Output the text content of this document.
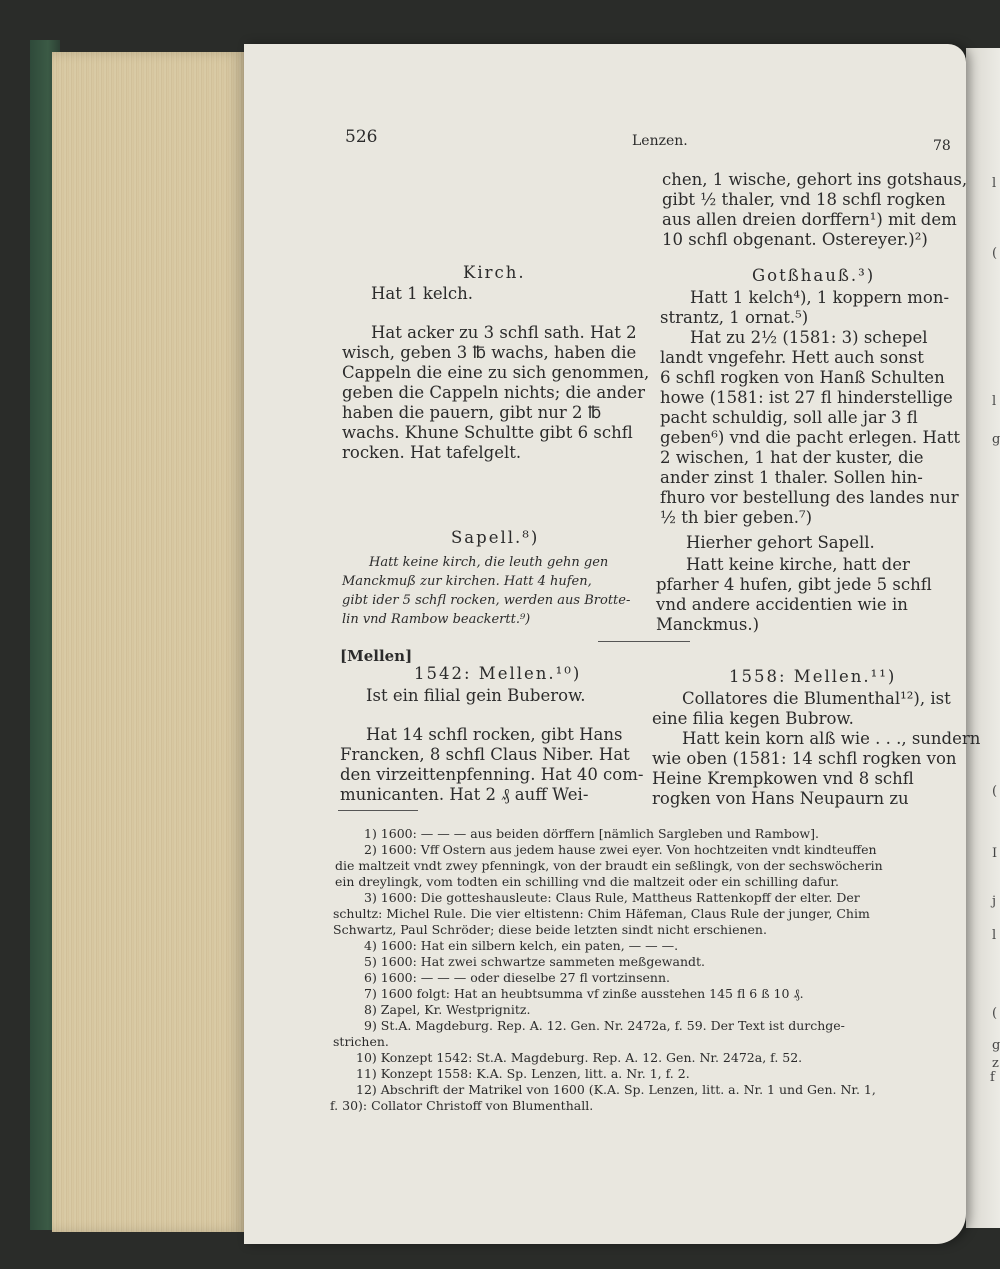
l
(
l
g
(
I
j
l
(
g
z
f
526	Lenzen.	78
chen, 1 wische, gehort ins gotshaus,
gibt ½ thaler, vnd 18 schfl rogken
aus allen dreien dorffern¹) mit dem
10 schfl obgenant. Ostereyer.)²)
Kirch.
Hat 1 kelch.
Hat acker zu 3 schfl sath. Hat 2
wisch, geben 3 ℔ wachs, haben die
Cappeln die eine zu sich genommen,
geben die Cappeln nichts; die ander
haben die pauern, gibt nur 2 ℔
wachs. Khune Schultte gibt 6 schfl
rocken. Hat tafelgelt.
Gotßhauß.³)
Hatt 1 kelch⁴), 1 koppern mon-
strantz, 1 ornat.⁵)
Hat zu 2½ (1581: 3) schepel
landt vngefehr. Hett auch sonst
6 schfl rogken von Hanß Schulten
howe (1581: ist 27 fl hinderstellige
pacht schuldig, soll alle jar 3 fl
geben⁶) vnd die pacht erlegen. Hatt
2 wischen, 1 hat der kuster, die
ander zinst 1 thaler. Sollen hin-
fhuro vor bestellung des landes nur
½ th bier geben.⁷)
Sapell.⁸)
Hatt keine kirch, die leuth gehn gen
Manckmuß zur kirchen. Hatt 4 hufen,
gibt ider 5 schfl rocken, werden aus Brotte-
lin vnd Rambow beackertt.⁹)
Hierher gehort Sapell.
Hatt keine kirche, hatt der
pfarher 4 hufen, gibt jede 5 schfl
vnd andere accidentien wie in
Manckmus.)
[Mellen]
1542: Mellen.¹⁰)
Ist ein filial gein Buberow.
Hat 14 schfl rocken, gibt Hans
Francken, 8 schfl Claus Niber. Hat
den virzeittenpfenning. Hat 40 com-
municanten. Hat 2 ₰ auff Wei-
1558: Mellen.¹¹)
Collatores die Blumenthal¹²), ist
eine filia kegen Bubrow.
Hatt kein korn alß wie . . ., sundern
wie oben (1581: 14 schfl rogken von
Heine Krempkowen vnd 8 schfl
rogken von Hans Neupaurn zu
1) 1600: — — — aus beiden dörffern [nämlich Sargleben und Rambow].
2) 1600: Vff Ostern aus jedem hause zwei eyer. Von hochtzeiten vndt kindteuffen
die maltzeit vndt zwey pfenningk, von der braudt ein seßlingk, von der sechswöcherin
ein dreylingk, vom todten ein schilling vnd die maltzeit oder ein schilling dafur.
3) 1600: Die gotteshausleute: Claus Rule, Mattheus Rattenkopff der elter. Der
schultz: Michel Rule. Die vier eltistenn: Chim Häfeman, Claus Rule der junger, Chim
Schwartz, Paul Schröder; diese beide letzten sindt nicht erschienen.
4) 1600: Hat ein silbern kelch, ein paten, — — —.
5) 1600: Hat zwei schwartze sammeten meßgewandt.
6) 1600: — — — oder dieselbe 27 fl vortzinsenn.
7) 1600 folgt: Hat an heubtsumma vf zinße ausstehen 145 fl 6 ß 10 ₰.
8) Zapel, Kr. Westprignitz.
9) St.A. Magdeburg. Rep. A. 12. Gen. Nr. 2472a, f. 59. Der Text ist durchge-
strichen.
10) Konzept 1542: St.A. Magdeburg. Rep. A. 12. Gen. Nr. 2472a, f. 52.
11) Konzept 1558: K.A. Sp. Lenzen, litt. a. Nr. 1, f. 2.
12) Abschrift der Matrikel von 1600 (K.A. Sp. Lenzen, litt. a. Nr. 1 und Gen. Nr. 1,
f. 30): Collator Christoff von Blumenthall.
